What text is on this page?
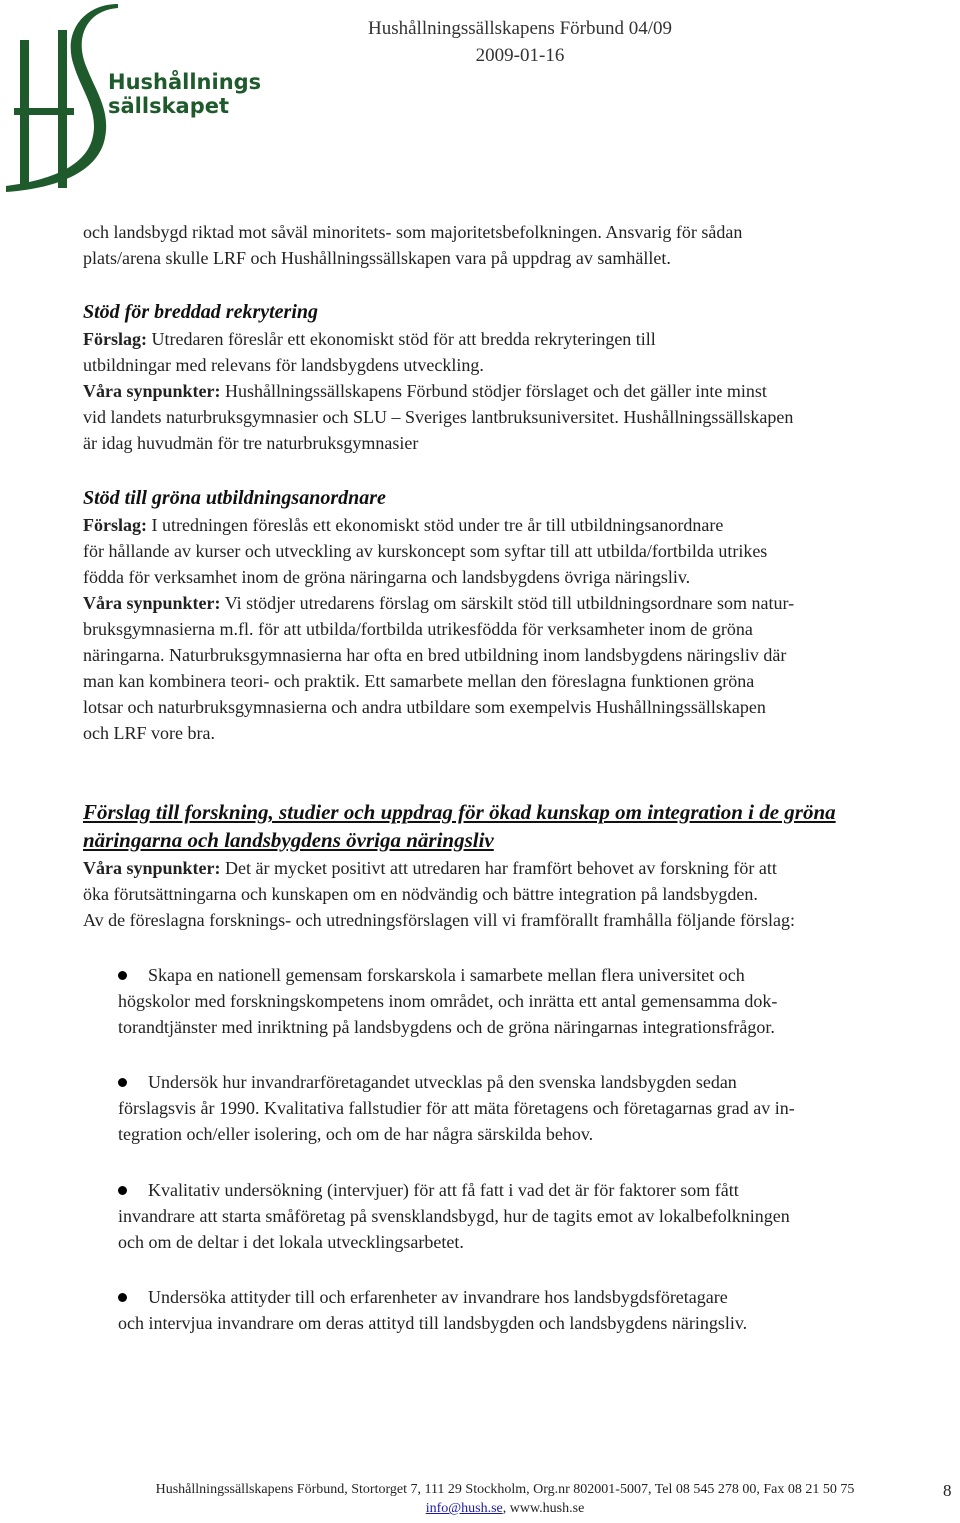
Hushållnings
sällskapet
Hushållningssällskapens Förbund 04/09
2009-01-16

och landsbygd riktad mot såväl minoritets- som majoritetsbefolkningen. Ansvarig för sådan

plats/arena skulle LRF och Hushållningssällskapen vara på uppdrag av samhället.

Stöd för breddad rekrytering

Förslag: Utredaren föreslår ett ekonomiskt stöd för att bredda rekryteringen till

utbildningar med relevans för landsbygdens utveckling.

Våra synpunkter: Hushållningssällskapens Förbund stödjer förslaget och det gäller inte minst

vid landets naturbruksgymnasier och SLU – Sveriges lantbruksuniversitet. Hushållningssällskapen

är idag huvudmän för tre naturbruksgymnasier

Stöd till gröna utbildningsanordnare

Förslag: I utredningen föreslås ett ekonomiskt stöd under tre år till utbildningsanordnare

för hållande av kurser och utveckling av kurskoncept som syftar till att utbilda/fortbilda utrikes

födda för verksamhet inom de gröna näringarna och landsbygdens övriga näringsliv.

Våra synpunkter: Vi stödjer utredarens förslag om särskilt stöd till utbildningsordnare som natur-

bruksgymnasierna m.fl. för att utbilda/fortbilda utrikesfödda för verksamheter inom de gröna

näringarna. Naturbruksgymnasierna har ofta en bred utbildning inom landsbygdens näringsliv där

man kan kombinera teori- och praktik. Ett samarbete mellan den föreslagna funktionen gröna

lotsar och naturbruksgymnasierna och andra utbildare som exempelvis Hushållningssällskapen

och LRF vore bra.

Förslag till forskning, studier och uppdrag för ökad kunskap om integration i de gröna
näringarna och landsbygdens övriga näringsliv

Våra synpunkter: Det är mycket positivt att utredaren har framfört behovet av forskning för att

öka förutsättningarna och kunskapen om en nödvändig och bättre integration på landsbygden.

Av de föreslagna forsknings- och utredningsförslagen vill vi framförallt framhålla följande förslag:

Skapa en nationell gemensam forskarskola i samarbete mellan flera universitet och
högskolor med forskningskompetens inom området, och inrätta ett antal gemensamma dok-
torandtjänster med inriktning på landsbygdens och de gröna näringarnas integrationsfrågor.
Undersök hur invandrarföretagandet utvecklas på den svenska landsbygden sedan
förslagsvis år 1990. Kvalitativa fallstudier för att mäta företagens och företagarnas grad av in-
tegration och/eller isolering, och om de har några särskilda behov.
Kvalitativ undersökning (intervjuer) för att få fatt i vad det är för faktorer som fått
invandrare att starta småföretag på svensklandsbygd, hur de tagits emot av lokalbefolkningen
och om de deltar i det lokala utvecklingsarbetet.
Undersöka attityder till och erfarenheter av invandrare hos landsbygdsföretagare
och intervjua invandrare om deras attityd till landsbygden och landsbygdens näringsliv.
Hushållningssällskapens Förbund, Stortorget 7, 111 29 Stockholm, Org.nr 802001-5007, Tel 08 545 278 00, Fax 08 21 50 75
info@hush.se, www.hush.se
8
